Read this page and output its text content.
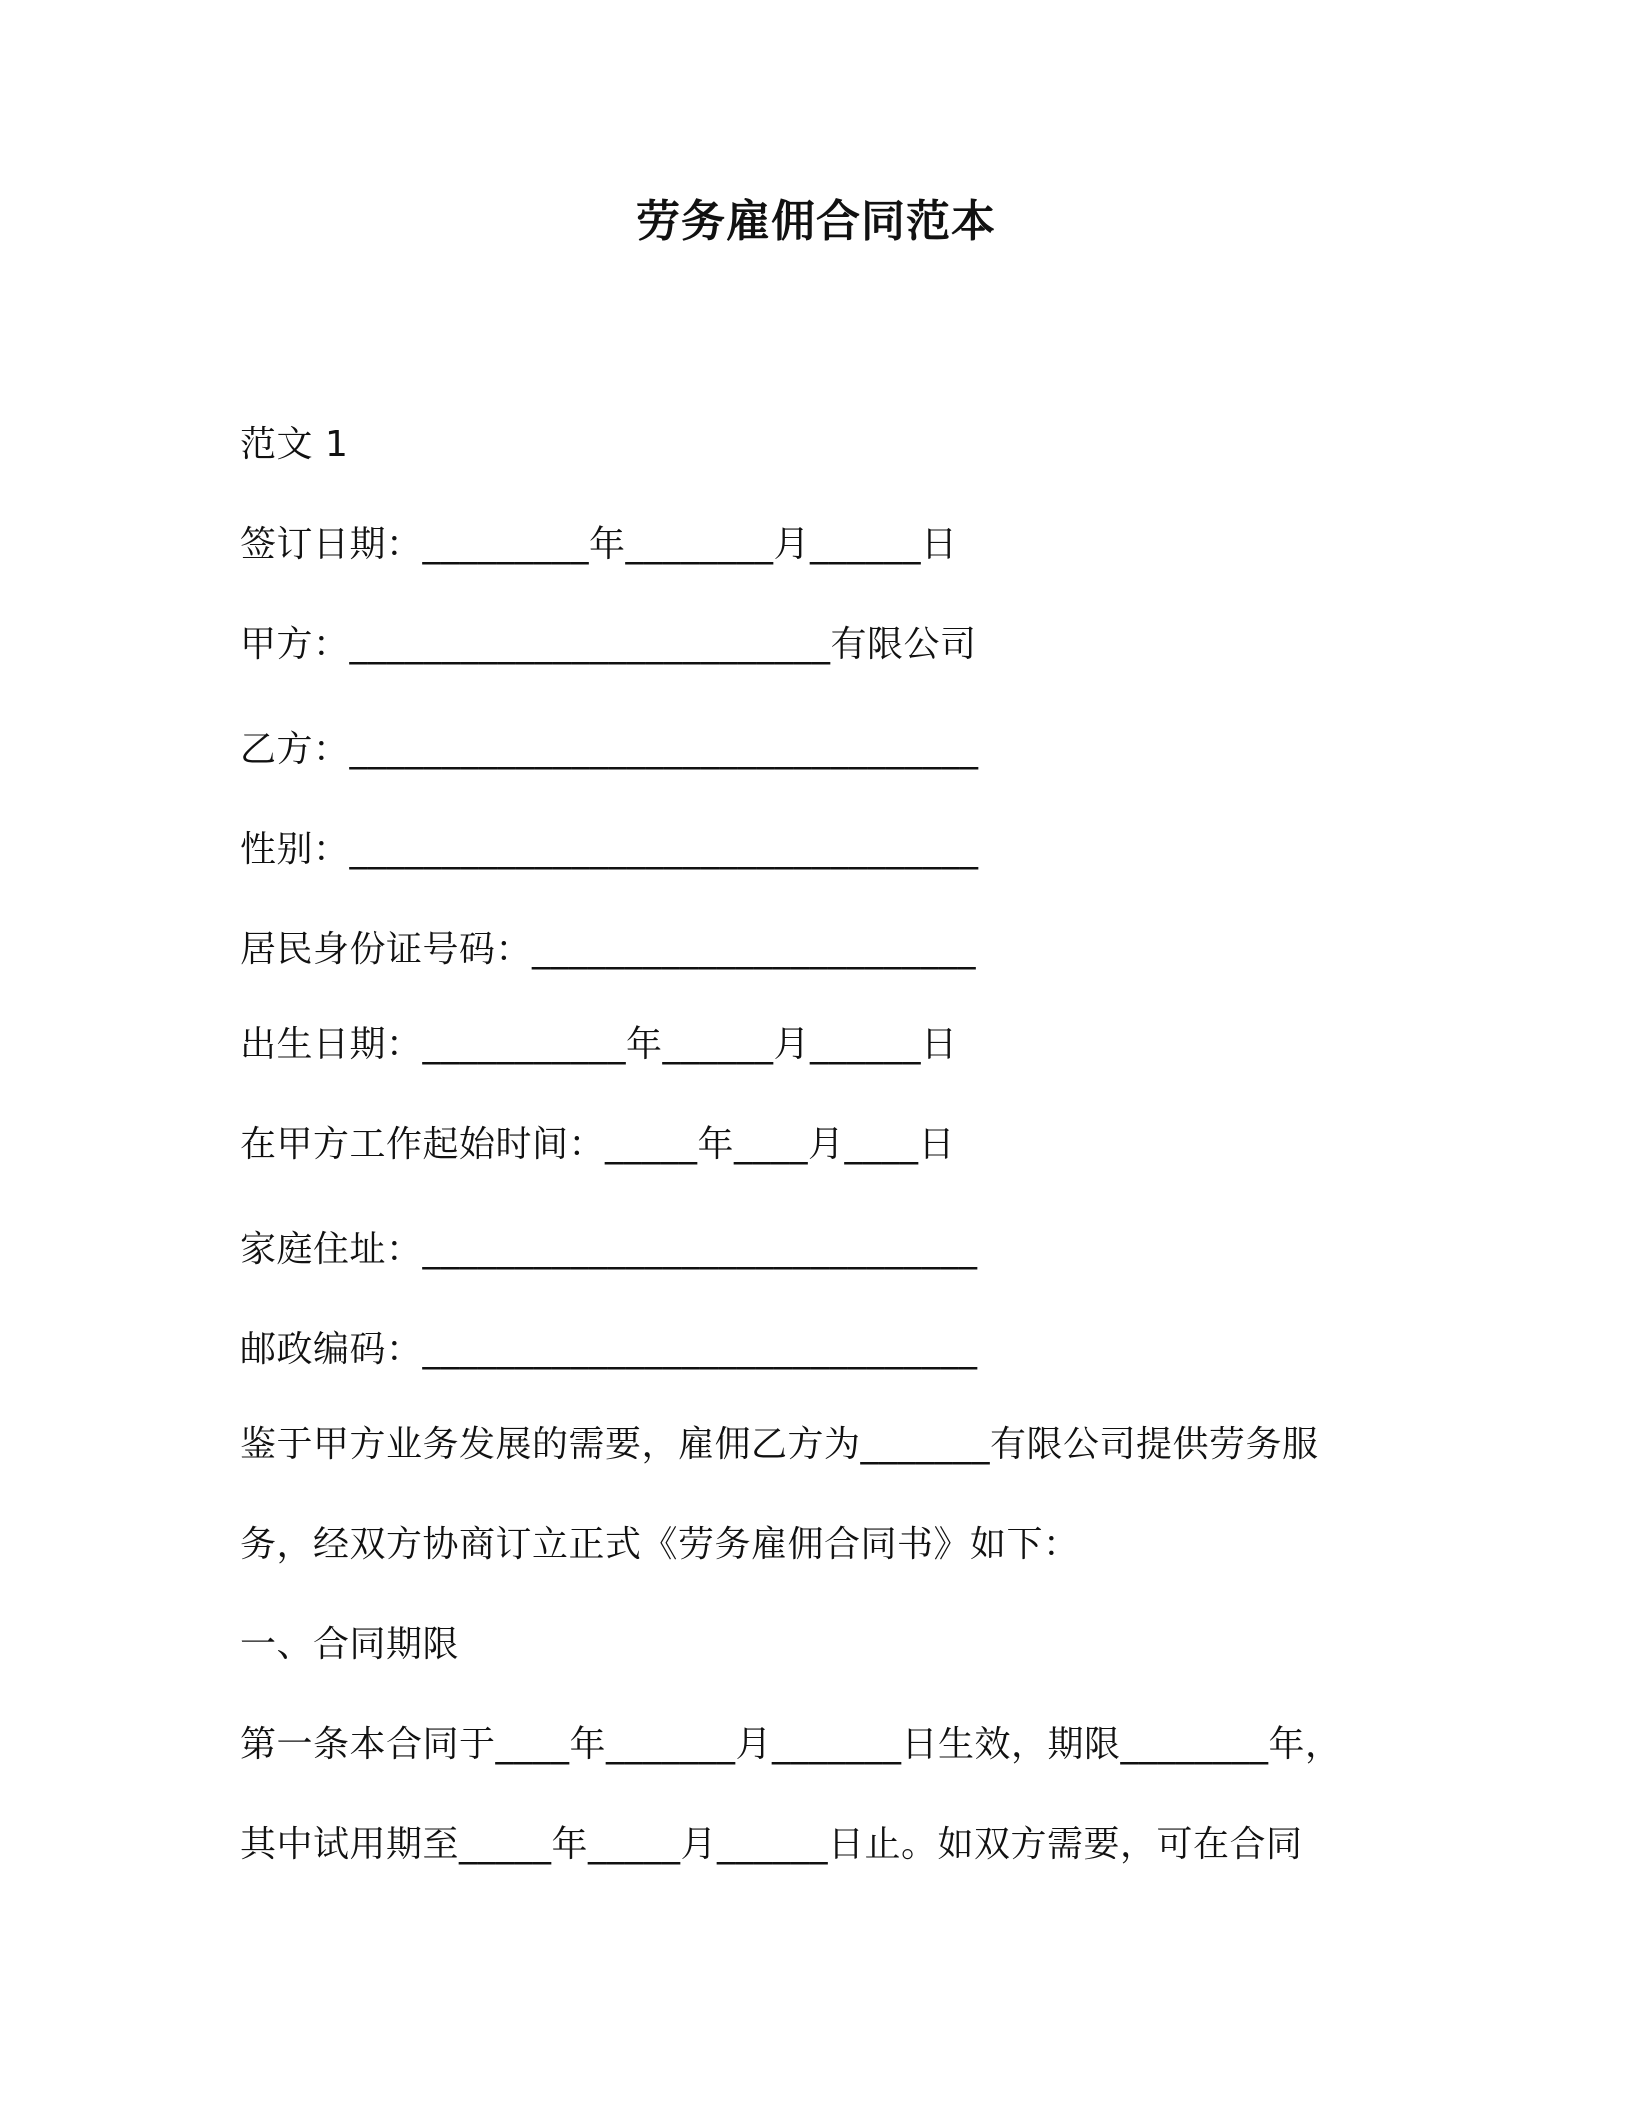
劳务雇佣合同范本
范文 1
签订日期：_________年________月______日
甲方：__________________________有限公司
乙方：__________________________________
性别：__________________________________
居民身份证号码：________________________
出生日期：___________年______月______日
在甲方工作起始时间：_____年____月____日
家庭住址：______________________________
邮政编码：______________________________
鉴于甲方业务发展的需要，雇佣乙方为_______有限公司提供劳务服
务，经双方协商订立正式《劳务雇佣合同书》如下：
一、合同期限
第一条本合同于____年_______月_______日生效，期限________年，
其中试用期至_____年_____月______日止。如双方需要，可在合同
